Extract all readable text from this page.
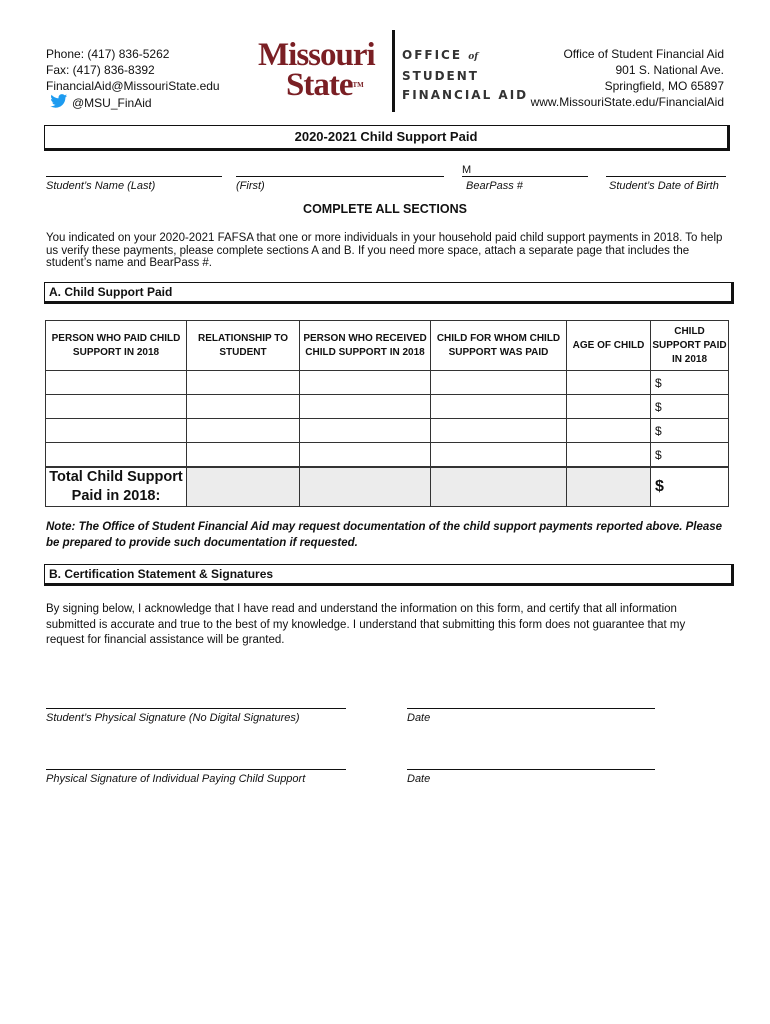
Phone: (417) 836-5262
Fax: (417) 836-8392
FinancialAid@MissouriState.edu
@MSU_FinAid
Missouri
StateTM
OFFICE of
STUDENT
FINANCIAL AID
Office of Student Financial Aid
901 S. National Ave.
Springfield, MO 65897
www.MissouriState.edu/FinancialAid
2020-2021 Child Support Paid
Student’s Name (Last)	(First)
M
BearPass #	Student’s Date of Birth
COMPLETE ALL SECTIONS
You indicated on your 2020-2021 FAFSA that one or more individuals in your household paid child support payments in 2018. To help us verify these payments, please complete sections A and B. If you need more space, attach a separate page that includes the student’s name and BearPass #.
A. Child Support Paid
PERSON WHO PAID CHILD SUPPORT IN 2018	RELATIONSHIP TO STUDENT	PERSON WHO RECEIVED CHILD SUPPORT IN 2018	CHILD FOR WHOM CHILD SUPPORT WAS PAID	AGE OF CHILD	CHILD SUPPORT PAID IN 2018
					$
					$
					$
					$
Total Child Support Paid in 2018:					$
Note: The Office of Student Financial Aid may request documentation of the child support payments reported above. Please be prepared to provide such documentation if requested.
B. Certification Statement & Signatures
By signing below, I acknowledge that I have read and understand the information on this form, and certify that all information submitted is accurate and true to the best of my knowledge. I understand that submitting this form does not guarantee that my request for financial assistance will be granted.
Student’s Physical Signature (No Digital Signatures)	Date
Physical Signature of Individual Paying Child Support	Date
